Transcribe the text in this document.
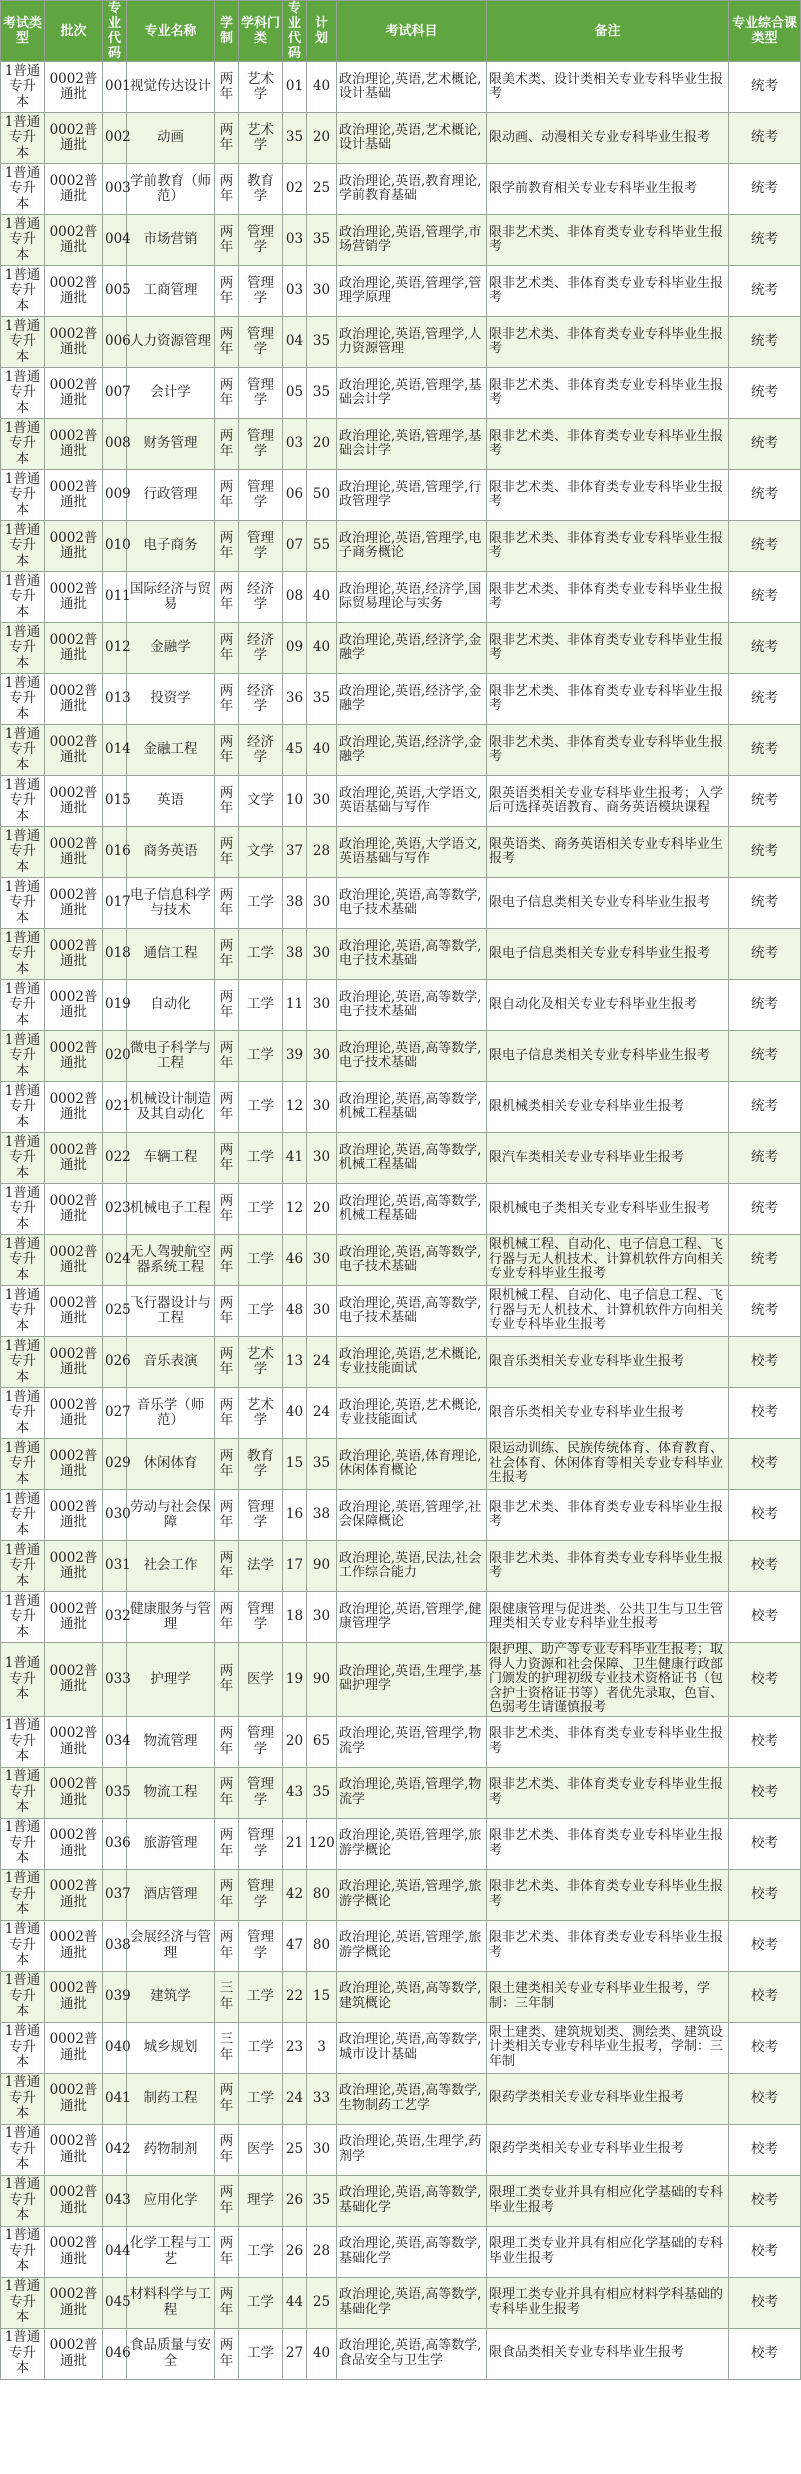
考试类型	批次	专业代码	专业名称	学制	学科门类	专业代码	计划	考试科目	备注	专业综合课类型
1普通专升本	0002普通批	001	视觉传达设计	两年	艺术学	01	40	政治理论,英语,艺术概论,设计基础	限美术类、设计类相关专业专科毕业生报考	统考
1普通专升本	0002普通批	002	动画	两年	艺术学	35	20	政治理论,英语,艺术概论,设计基础	限动画、动漫相关专业专科毕业生报考	统考
1普通专升本	0002普通批	003	学前教育（师范）	两年	教育学	02	25	政治理论,英语,教育理论,学前教育基础	限学前教育相关专业专科毕业生报考	统考
1普通专升本	0002普通批	004	市场营销	两年	管理学	03	35	政治理论,英语,管理学,市场营销学	限非艺术类、非体育类专业专科毕业生报考	统考
1普通专升本	0002普通批	005	工商管理	两年	管理学	03	30	政治理论,英语,管理学,管理学原理	限非艺术类、非体育类专业专科毕业生报考	统考
1普通专升本	0002普通批	006	人力资源管理	两年	管理学	04	35	政治理论,英语,管理学,人力资源管理	限非艺术类、非体育类专业专科毕业生报考	统考
1普通专升本	0002普通批	007	会计学	两年	管理学	05	35	政治理论,英语,管理学,基础会计学	限非艺术类、非体育类专业专科毕业生报考	统考
1普通专升本	0002普通批	008	财务管理	两年	管理学	03	20	政治理论,英语,管理学,基础会计学	限非艺术类、非体育类专业专科毕业生报考	统考
1普通专升本	0002普通批	009	行政管理	两年	管理学	06	50	政治理论,英语,管理学,行政管理学	限非艺术类、非体育类专业专科毕业生报考	统考
1普通专升本	0002普通批	010	电子商务	两年	管理学	07	55	政治理论,英语,管理学,电子商务概论	限非艺术类、非体育类专业专科毕业生报考	统考
1普通专升本	0002普通批	011	国际经济与贸易	两年	经济学	08	40	政治理论,英语,经济学,国际贸易理论与实务	限非艺术类、非体育类专业专科毕业生报考	统考
1普通专升本	0002普通批	012	金融学	两年	经济学	09	40	政治理论,英语,经济学,金融学	限非艺术类、非体育类专业专科毕业生报考	统考
1普通专升本	0002普通批	013	投资学	两年	经济学	36	35	政治理论,英语,经济学,金融学	限非艺术类、非体育类专业专科毕业生报考	统考
1普通专升本	0002普通批	014	金融工程	两年	经济学	45	40	政治理论,英语,经济学,金融学	限非艺术类、非体育类专业专科毕业生报考	统考
1普通专升本	0002普通批	015	英语	两年	文学	10	30	政治理论,英语,大学语文,英语基础与写作	限英语类相关专业专科毕业生报考；入学后可选择英语教育、商务英语模块课程	统考
1普通专升本	0002普通批	016	商务英语	两年	文学	37	28	政治理论,英语,大学语文,英语基础与写作	限英语类、商务英语相关专业专科毕业生报考	统考
1普通专升本	0002普通批	017	电子信息科学与技术	两年	工学	38	30	政治理论,英语,高等数学,电子技术基础	限电子信息类相关专业专科毕业生报考	统考
1普通专升本	0002普通批	018	通信工程	两年	工学	38	30	政治理论,英语,高等数学,电子技术基础	限电子信息类相关专业专科毕业生报考	统考
1普通专升本	0002普通批	019	自动化	两年	工学	11	30	政治理论,英语,高等数学,电子技术基础	限自动化及相关专业专科毕业生报考	统考
1普通专升本	0002普通批	020	微电子科学与工程	两年	工学	39	30	政治理论,英语,高等数学,电子技术基础	限电子信息类相关专业专科毕业生报考	统考
1普通专升本	0002普通批	021	机械设计制造及其自动化	两年	工学	12	30	政治理论,英语,高等数学,机械工程基础	限机械类相关专业专科毕业生报考	统考
1普通专升本	0002普通批	022	车辆工程	两年	工学	41	30	政治理论,英语,高等数学,机械工程基础	限汽车类相关专业专科毕业生报考	统考
1普通专升本	0002普通批	023	机械电子工程	两年	工学	12	20	政治理论,英语,高等数学,机械工程基础	限机械电子类相关专业专科毕业生报考	统考
1普通专升本	0002普通批	024	无人驾驶航空器系统工程	两年	工学	46	30	政治理论,英语,高等数学,电子技术基础	限机械工程、自动化、电子信息工程、飞行器与无人机技术、计算机软件方向相关专业专科毕业生报考	统考
1普通专升本	0002普通批	025	飞行器设计与工程	两年	工学	48	30	政治理论,英语,高等数学,电子技术基础	限机械工程、自动化、电子信息工程、飞行器与无人机技术、计算机软件方向相关专业专科毕业生报考	统考
1普通专升本	0002普通批	026	音乐表演	两年	艺术学	13	24	政治理论,英语,艺术概论,专业技能面试	限音乐类相关专业专科毕业生报考	校考
1普通专升本	0002普通批	027	音乐学（师范）	两年	艺术学	40	24	政治理论,英语,艺术概论,专业技能面试	限音乐类相关专业专科毕业生报考	校考
1普通专升本	0002普通批	029	休闲体育	两年	教育学	15	35	政治理论,英语,体育理论,休闲体育概论	限运动训练、民族传统体育、体育教育、社会体育、休闲体育等相关专业专科毕业生报考	校考
1普通专升本	0002普通批	030	劳动与社会保障	两年	管理学	16	38	政治理论,英语,管理学,社会保障概论	限非艺术类、非体育类专业专科毕业生报考	校考
1普通专升本	0002普通批	031	社会工作	两年	法学	17	90	政治理论,英语,民法,社会工作综合能力	限非艺术类、非体育类专业专科毕业生报考	校考
1普通专升本	0002普通批	032	健康服务与管理	两年	管理学	18	30	政治理论,英语,管理学,健康管理学	限健康管理与促进类、公共卫生与卫生管理类相关专业专科毕业生报考	校考
1普通专升本	0002普通批	033	护理学	两年	医学	19	90	政治理论,英语,生理学,基础护理学	限护理、助产等专业专科毕业生报考；取得人力资源和社会保障、卫生健康行政部门颁发的护理初级专业技术资格证书（包含护士资格证书等）者优先录取，色盲、色弱考生请谨慎报考	校考
1普通专升本	0002普通批	034	物流管理	两年	管理学	20	65	政治理论,英语,管理学,物流学	限非艺术类、非体育类专业专科毕业生报考	校考
1普通专升本	0002普通批	035	物流工程	两年	管理学	43	35	政治理论,英语,管理学,物流学	限非艺术类、非体育类专业专科毕业生报考	校考
1普通专升本	0002普通批	036	旅游管理	两年	管理学	21	120	政治理论,英语,管理学,旅游学概论	限非艺术类、非体育类专业专科毕业生报考	校考
1普通专升本	0002普通批	037	酒店管理	两年	管理学	42	80	政治理论,英语,管理学,旅游学概论	限非艺术类、非体育类专业专科毕业生报考	校考
1普通专升本	0002普通批	038	会展经济与管理	两年	管理学	47	80	政治理论,英语,管理学,旅游学概论	限非艺术类、非体育类专业专科毕业生报考	校考
1普通专升本	0002普通批	039	建筑学	三年	工学	22	15	政治理论,英语,高等数学,建筑概论	限土建类相关专业专科毕业生报考，学制：三年制	校考
1普通专升本	0002普通批	040	城乡规划	三年	工学	23	3	政治理论,英语,高等数学,城市设计基础	限土建类、建筑规划类、测绘类、建筑设计类相关专业专科毕业生报考，学制：三年制	校考
1普通专升本	0002普通批	041	制药工程	两年	工学	24	33	政治理论,英语,高等数学,生物制药工艺学	限药学类相关专业专科毕业生报考	校考
1普通专升本	0002普通批	042	药物制剂	两年	医学	25	30	政治理论,英语,生理学,药剂学	限药学类相关专业专科毕业生报考	校考
1普通专升本	0002普通批	043	应用化学	两年	理学	26	35	政治理论,英语,高等数学,基础化学	限理工类专业并具有相应化学基础的专科毕业生报考	校考
1普通专升本	0002普通批	044	化学工程与工艺	两年	工学	26	28	政治理论,英语,高等数学,基础化学	限理工类专业并具有相应化学基础的专科毕业生报考	校考
1普通专升本	0002普通批	045	材料科学与工程	两年	工学	44	25	政治理论,英语,高等数学,基础化学	限理工类专业并具有相应材料学科基础的专科毕业生报考	校考
1普通专升本	0002普通批	046	食品质量与安全	两年	工学	27	40	政治理论,英语,高等数学,食品安全与卫生学	限食品类相关专业专科毕业生报考	校考
